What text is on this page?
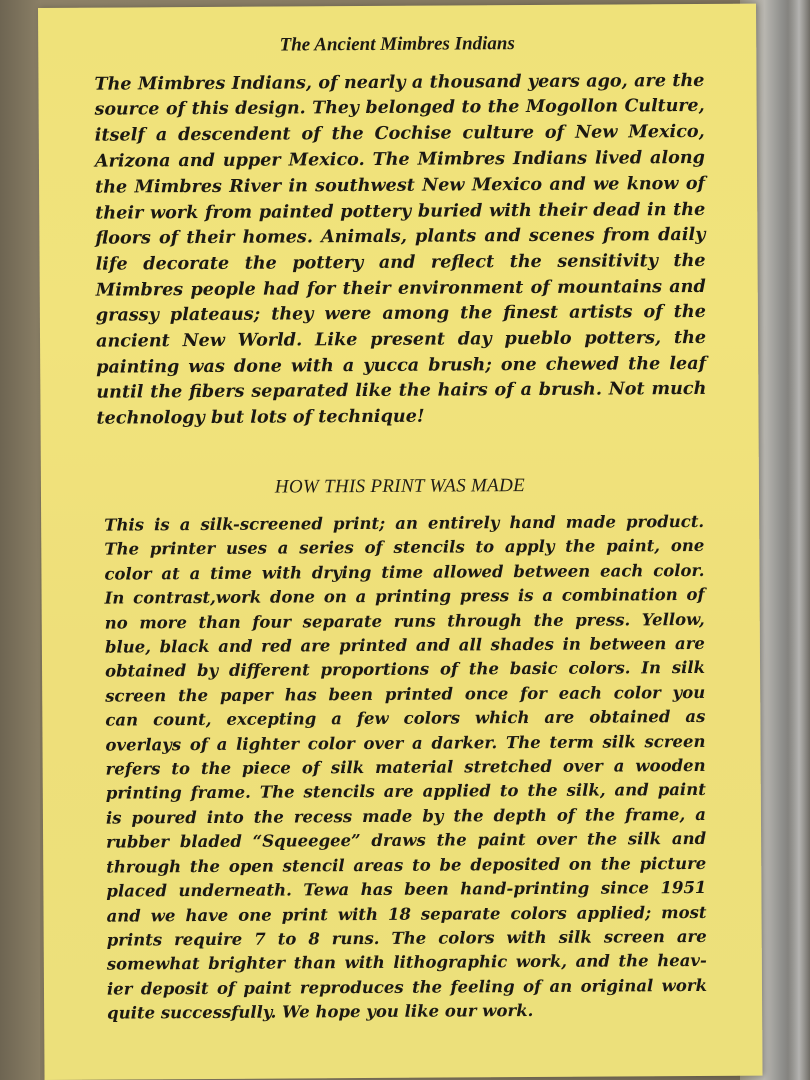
The Ancient Mimbres Indians
The Mimbres Indians, of nearly a thousand years ago, are the
source of this design. They belonged to the Mogollon Culture,
itself a descendent of the Cochise culture of New Mexico,
Arizona and upper Mexico. The Mimbres Indians lived along
the Mimbres River in southwest New Mexico and we know of
their work from painted pottery buried with their dead in the
floors of their homes. Animals, plants and scenes from daily
life decorate the pottery and reflect the sensitivity the
Mimbres people had for their environment of mountains and
grassy plateaus; they were among the finest artists of the
ancient New World. Like present day pueblo potters, the
painting was done with a yucca brush; one chewed the leaf
until the fibers separated like the hairs of a brush. Not much
technology but lots of technique!
HOW THIS PRINT WAS MADE
This is a silk-screened print; an entirely hand made product.
The printer uses a series of stencils to apply the paint, one
color at a time with drying time allowed between each color.
In contrast,work done on a printing press is a combination of
no more than four separate runs through the press. Yellow,
blue, black and red are printed and all shades in between are
obtained by different proportions of the basic colors. In silk
screen the paper has been printed once for each color you
can count, excepting a few colors which are obtained as
overlays of a lighter color over a darker. The term silk screen
refers to the piece of silk material stretched over a wooden
printing frame. The stencils are applied to the silk, and paint
is poured into the recess made by the depth of the frame, a
rubber bladed “Squeegee” draws the paint over the silk and
through the open stencil areas to be deposited on the picture
placed underneath. Tewa has been hand-printing since 1951
and we have one print with 18 separate colors applied; most
prints require 7 to 8 runs. The colors with silk screen are
somewhat brighter than with lithographic work, and the heav-
ier deposit of paint reproduces the feeling of an original work
quite successfully. We hope you like our work.
